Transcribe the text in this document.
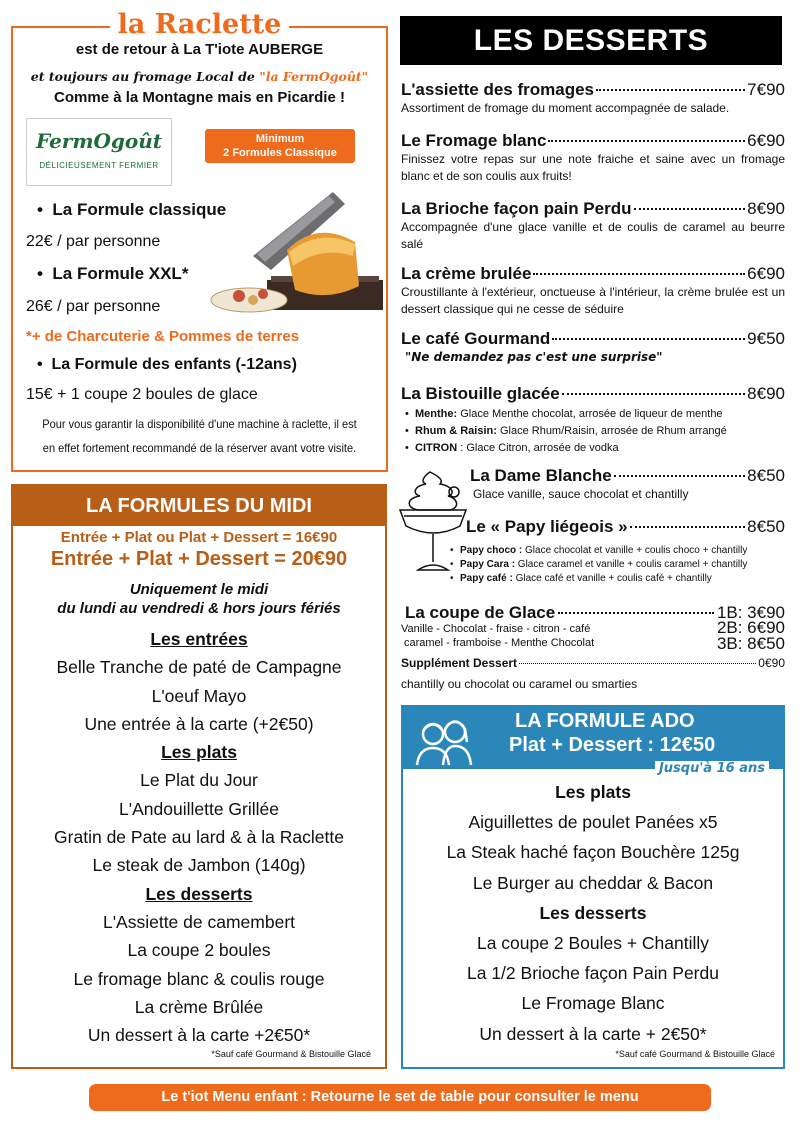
la Raclette
est de retour à La T'iote AUBERGE
et toujours au fromage Local de "la FermOgoût"
Comme à la Montagne mais en Picardie !
FermOgoût
DÉLICIEUSEMENT FERMIER
Minimum
2 Formules Classique
•  La Formule classique
22€ / par personne
•  La Formule XXL*
26€ / par personne
*+ de Charcuterie & Pommes de terres
•  La Formule des enfants (-12ans)
15€ + 1 coupe 2 boules de glace
Pour vous garantir la disponibilité d'une machine à raclette, il est en effet fortement recommandé de la réserver avant votre visite.
LA FORMULES DU MIDI
Entrée + Plat ou Plat + Dessert = 16€90
Entrée + Plat + Dessert = 20€90
Uniquement le midi
du lundi au vendredi & hors jours fériés
Les entrées
Belle Tranche de paté de Campagne
L'oeuf Mayo
Une entrée à la carte (+2€50)
Les plats
Le Plat du Jour
L'Andouillette Grillée
Gratin de Pate au lard & à la Raclette
Le steak de Jambon (140g)
Les desserts
L'Assiette de camembert
La coupe 2 boules
Le fromage blanc & coulis rouge
La crème Brûlée
Un dessert à la carte +2€50*
*Sauf café Gourmand & Bistouille Glacé
LES DESSERTS
L'assiette des fromages	7€90
Assortiment de fromage du moment accompagnée de salade.
Le Fromage blanc	6€90
Finissez votre repas sur une note fraiche et saine avec un fromage blanc et de son coulis aux fruits!
La Brioche façon pain Perdu	8€90
Accompagnée d'une glace vanille et de coulis de caramel au beurre salé
La crème brulée	6€90
Croustillante à l'extérieur, onctueuse à l'intérieur, la crème brulée est un dessert classique qui ne cesse de séduire
Le café Gourmand	9€50
"Ne demandez pas c'est une surprise"
La Bistouille glacée	8€90
• Menthe: Glace Menthe chocolat, arrosée de liqueur de menthe
• Rhum & Raisin: Glace Rhum/Raisin, arrosée de Rhum arrangé
• CITRON : Glace Citron, arrosée de vodka
La Dame Blanche	8€50
Glace vanille, sauce chocolat et chantilly
Le « Papy liégeois »	8€50
• Papy choco : Glace chocolat et vanille + coulis choco + chantilly
• Papy Cara : Glace caramel et vanille + coulis caramel + chantilly
• Papy café : Glace café et vanille + coulis café + chantilly
La coupe de Glace	1B: 3€90
Vanille - Chocolat - fraise - citron - café
caramel - framboise - Menthe Chocolat
2B: 6€90
3B: 8€50
Supplément Dessert	0€90
chantilly ou chocolat ou caramel ou smarties
LA FORMULE ADO
Plat + Dessert : 12€50
Jusqu'à 16 ans
Les plats
Aiguillettes de poulet Panées x5
La Steak haché façon Bouchère 125g
Le Burger au cheddar & Bacon
Les desserts
La coupe 2 Boules + Chantilly
La 1/2 Brioche façon Pain Perdu
Le Fromage Blanc
Un dessert à la carte + 2€50*
*Sauf café Gourmand & Bistouille Glacé
Le t'iot Menu enfant : Retourne le set de table pour consulter le menu
